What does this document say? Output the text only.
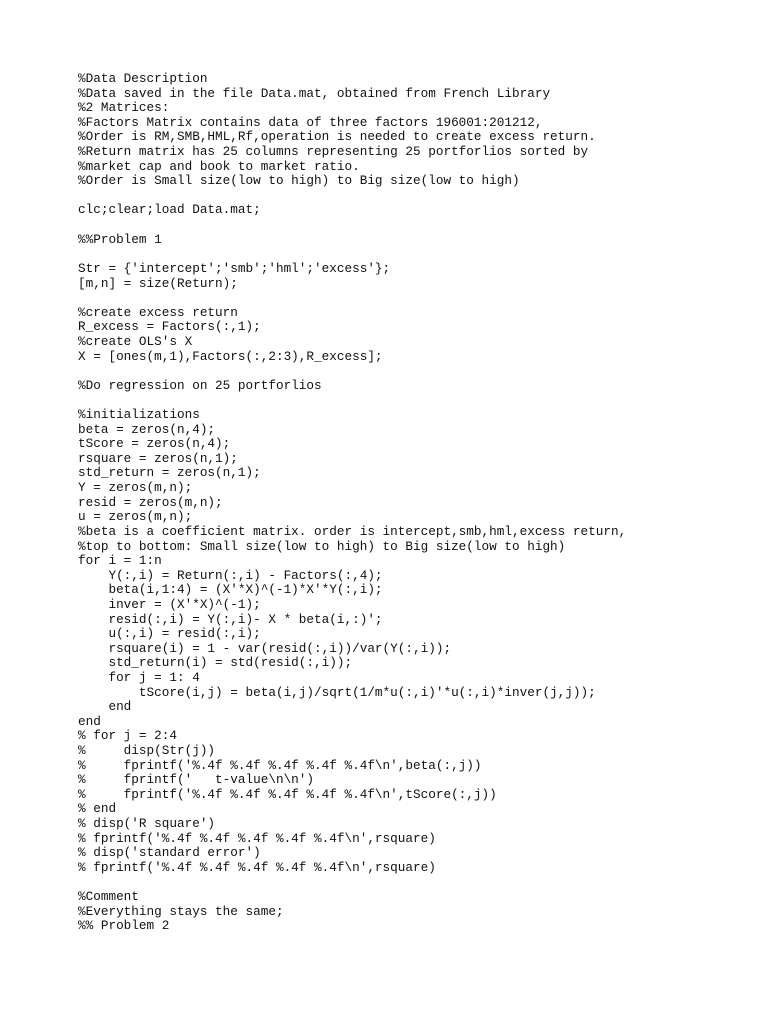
%Data Description
%Data saved in the file Data.mat, obtained from French Library
%2 Matrices:
%Factors Matrix contains data of three factors 196001:201212,
%Order is RM,SMB,HML,Rf,operation is needed to create excess return.
%Return matrix has 25 columns representing 25 portforlios sorted by
%market cap and book to market ratio.
%Order is Small size(low to high) to Big size(low to high)
clc;clear;load Data.mat;
%%Problem 1
Str = {'intercept';'smb';'hml';'excess'};
[m,n] = size(Return);
%create excess return
R_excess = Factors(:,1);
%create OLS's X
X = [ones(m,1),Factors(:,2:3),R_excess];
%Do regression on 25 portforlios
%initializations
beta = zeros(n,4);
tScore = zeros(n,4);
rsquare = zeros(n,1);
std_return = zeros(n,1);
Y = zeros(m,n);
resid = zeros(m,n);
u = zeros(m,n);
%beta is a coefficient matrix. order is intercept,smb,hml,excess return,
%top to bottom: Small size(low to high) to Big size(low to high)
for i = 1:n
Y(:,i) = Return(:,i) - Factors(:,4);
beta(i,1:4) = (X'*X)^(-1)*X'*Y(:,i);
inver = (X'*X)^(-1);
resid(:,i) = Y(:,i)- X * beta(i,:)';
u(:,i) = resid(:,i);
rsquare(i) = 1 - var(resid(:,i))/var(Y(:,i));
std_return(i) = std(resid(:,i));
for j = 1: 4
tScore(i,j) = beta(i,j)/sqrt(1/m*u(:,i)'*u(:,i)*inver(j,j));
end
end
% for j = 2:4
%     disp(Str(j))
%     fprintf('%.4f %.4f %.4f %.4f %.4f\n',beta(:,j))
%     fprintf('   t-value\n\n')
%     fprintf('%.4f %.4f %.4f %.4f %.4f\n',tScore(:,j))
% end
% disp('R square')
% fprintf('%.4f %.4f %.4f %.4f %.4f\n',rsquare)
% disp('standard error')
% fprintf('%.4f %.4f %.4f %.4f %.4f\n',rsquare)
%Comment
%Everything stays the same;
%% Problem 2
